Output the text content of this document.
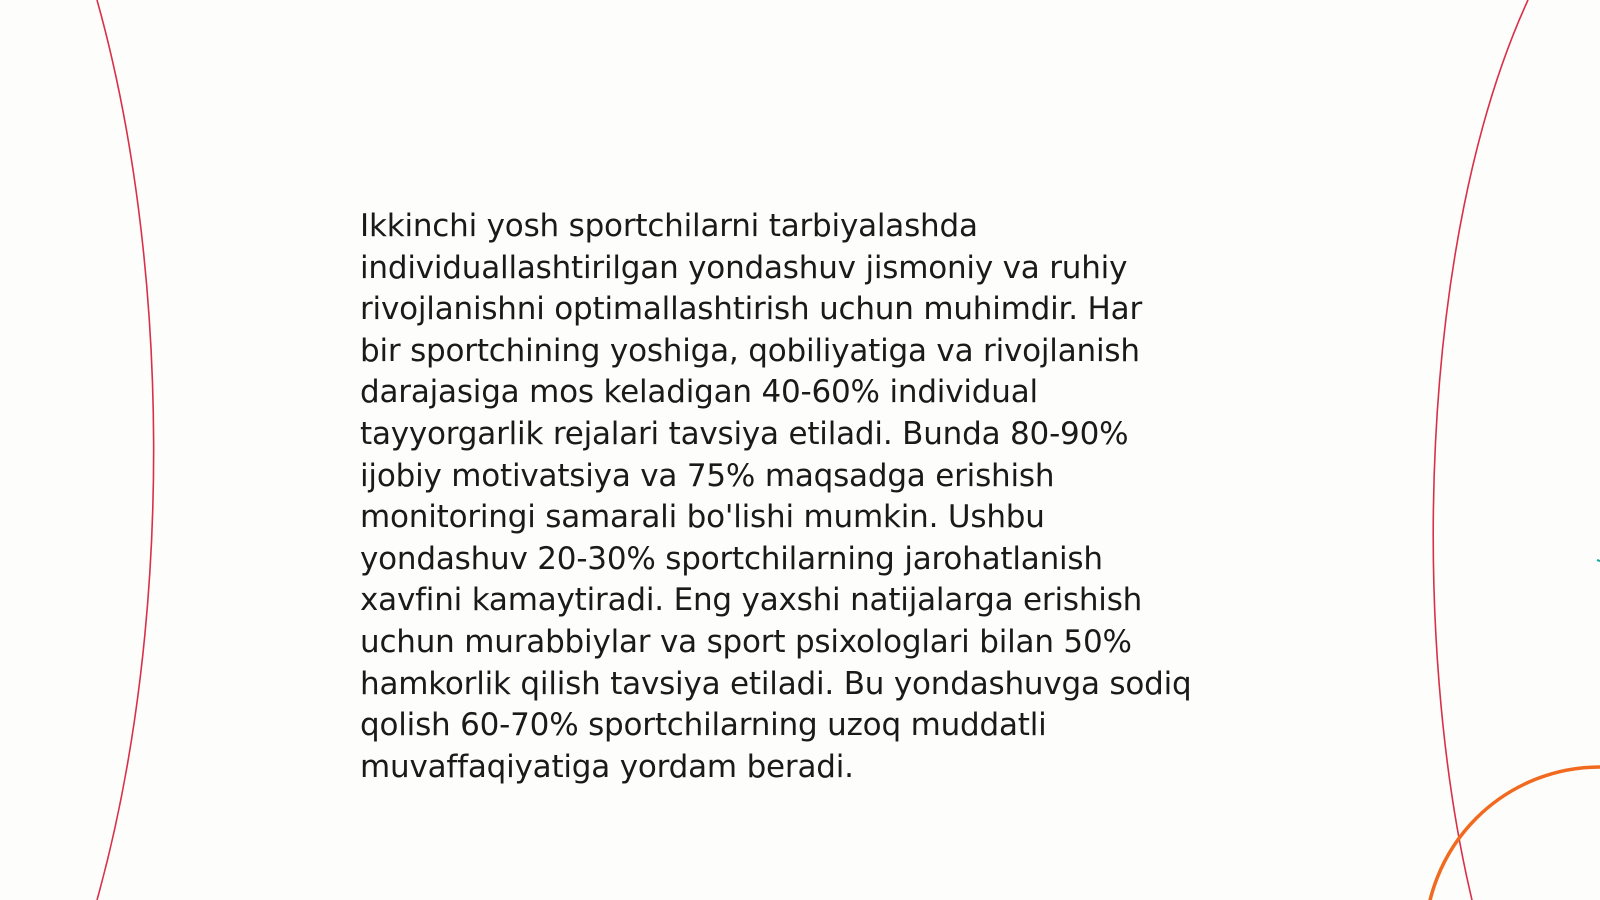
Ikkinchi yosh sportchilarni tarbiyalashda
individuallashtirilgan yondashuv jismoniy va ruhiy
rivojlanishni optimallashtirish uchun muhimdir. Har
bir sportchining yoshiga, qobiliyatiga va rivojlanish
darajasiga mos keladigan 40-60% individual
tayyorgarlik rejalari tavsiya etiladi. Bunda 80-90%
ijobiy motivatsiya va 75% maqsadga erishish
monitoringi samarali bo'lishi mumkin. Ushbu
yondashuv 20-30% sportchilarning jarohatlanish
xavfini kamaytiradi. Eng yaxshi natijalarga erishish
uchun murabbiylar va sport psixologlari bilan 50%
hamkorlik qilish tavsiya etiladi. Bu yondashuvga sodiq
qolish 60-70% sportchilarning uzoq muddatli
muvaffaqiyatiga yordam beradi.
